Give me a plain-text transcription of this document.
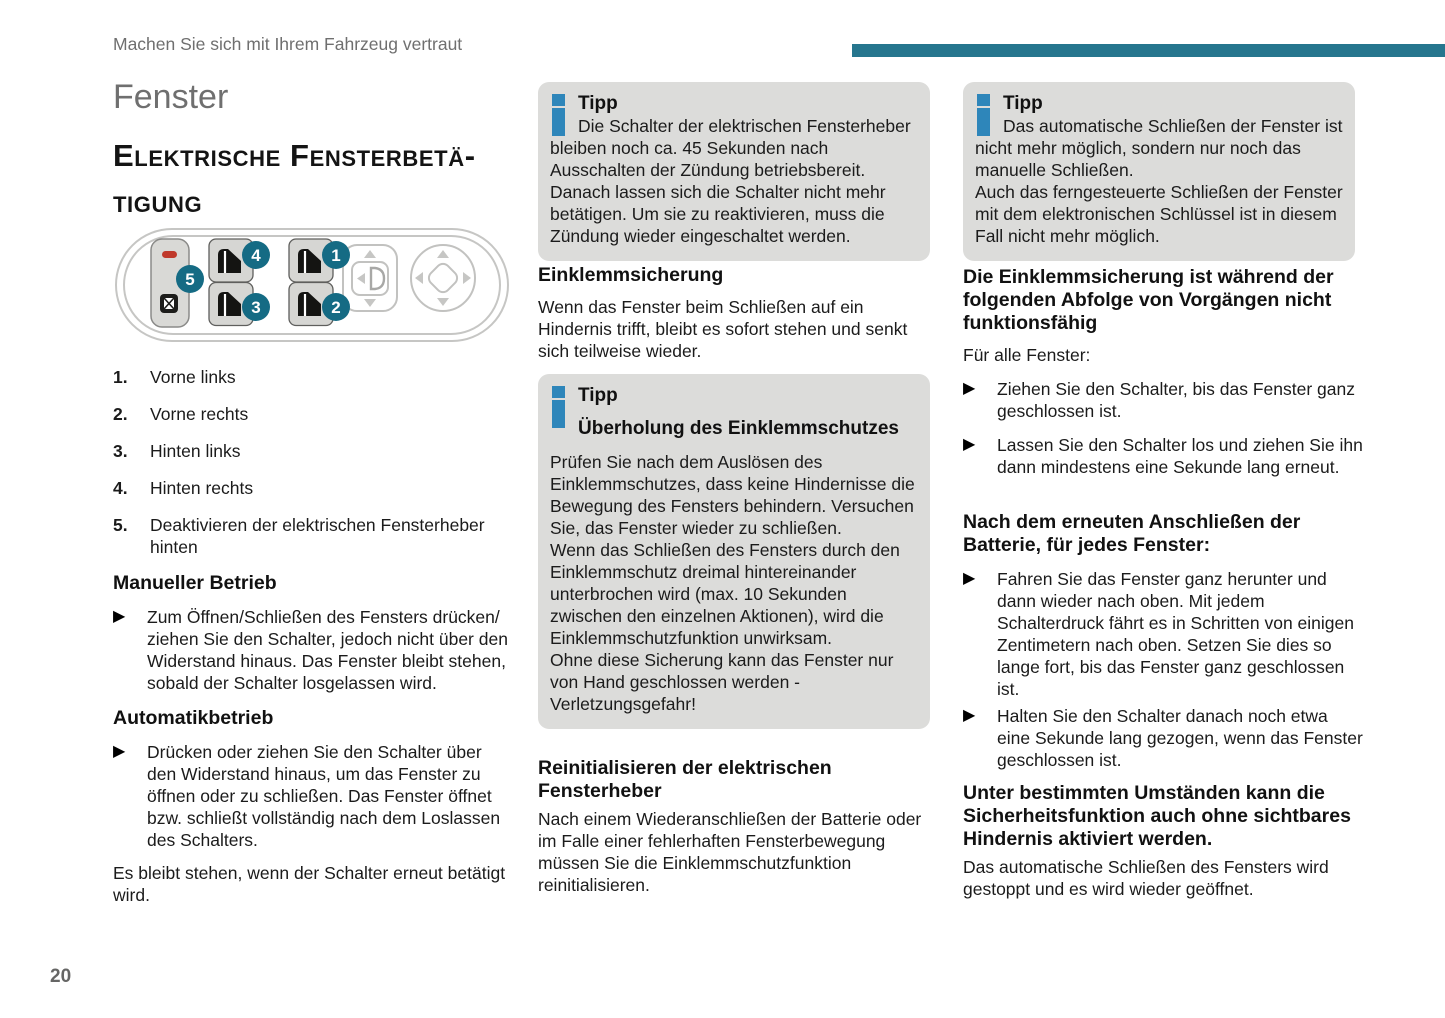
Machen Sie sich mit Ihrem Fahrzeug vertraut
Fenster
Elektrische Fensterbetä-
tigung
4
3
1
2
5
1.	Vorne links
2.	Vorne rechts
3.	Hinten links
4.	Hinten rechts
5.	Deaktivieren der elektrischen Fensterheber hinten
Manueller Betrieb
▶

Zum Öffnen/Schließen des Fensters drücken/​ziehen Sie den Schalter, jedoch nicht über den Widerstand hinaus. Das Fenster bleibt stehen, sobald der Schalter losgelassen wird.

Automatikbetrieb
▶

Drücken oder ziehen Sie den Schalter über den Widerstand hinaus, um das Fenster zu öffnen oder zu schließen. Das Fenster öffnet bzw. schließt vollständig nach dem Loslassen des Schalters.

Es bleibt stehen, wenn der Schalter erneut betätigt wird.

Tipp

Die Schalter der elektrischen Fensterheber bleiben noch ca. 45 Sekunden nach Ausschalten der Zündung betriebsbereit. Danach lassen sich die Schalter nicht mehr betätigen. Um sie zu reaktivieren, muss die Zündung wieder eingeschaltet werden.

Einklemmsicherung

Wenn das Fenster beim Schließen auf ein Hindernis trifft, bleibt es sofort stehen und senkt sich teilweise wieder.

Tipp
Überholung des Einklemmschutzes

Prüfen Sie nach dem Auslösen des Einklemmschutzes, dass keine Hindernisse die Bewegung des Fensters behindern. Versuchen Sie, das Fenster wieder zu schließen.

Wenn das Schließen des Fensters durch den Einklemmschutz dreimal hintereinander unterbrochen wird (max. 10 Sekunden zwischen den einzelnen Aktionen), wird die Einklemmschutzfunktion unwirksam.

Ohne diese Sicherung kann das Fenster nur von Hand geschlossen werden - Verletzungsgefahr!

Reinitialisieren der elektrischen Fensterheber

Nach einem Wiederanschließen der Batterie oder im Falle einer fehlerhaften Fensterbewegung müssen Sie die Einklemmschutzfunktion reinitialisieren.

Tipp

Das automatische Schließen der Fenster ist nicht mehr möglich, sondern nur noch das manuelle Schließen.

Auch das ferngesteuerte Schließen der Fenster mit dem elektronischen Schlüssel ist in diesem Fall nicht mehr möglich.

Die Einklemmsicherung ist während der folgenden Abfolge von Vorgängen nicht funktionsfähig

Für alle Fenster:

▶

Ziehen Sie den Schalter, bis das Fenster ganz geschlossen ist.

▶

Lassen Sie den Schalter los und ziehen Sie ihn dann mindestens eine Sekunde lang erneut.

Nach dem erneuten Anschließen der Batterie, für jedes Fenster:
▶

Fahren Sie das Fenster ganz herunter und dann wieder nach oben. Mit jedem Schalterdruck fährt es in Schritten von einigen Zentimetern nach oben. Setzen Sie dies so lange fort, bis das Fenster ganz geschlossen ist.

▶

Halten Sie den Schalter danach noch etwa eine Sekunde lang gezogen, wenn das Fenster geschlossen ist.

Unter bestimmten Umständen kann die Sicherheitsfunktion auch ohne sichtbares Hindernis aktiviert werden.

Das automatische Schließen des Fensters wird gestoppt und es wird wieder geöffnet.

20
